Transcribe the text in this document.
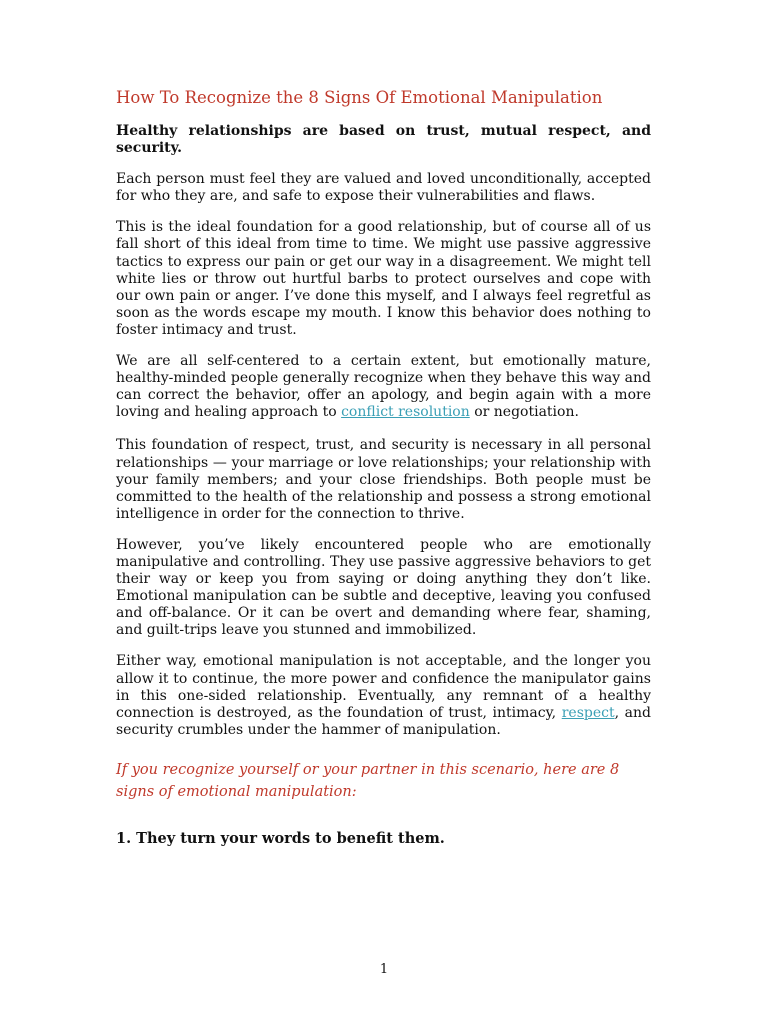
How To Recognize the 8 Signs Of Emotional Manipulation

Healthy relationships are based on trust, mutual respect, and security.

Each person must feel they are valued and loved unconditionally, accepted for who they are, and safe to expose their vulnerabilities and flaws.

This is the ideal foundation for a good relationship, but of course all of us fall short of this ideal from time to time. We might use passive aggressive tactics to express our pain or get our way in a disagreement. We might tell white lies or throw out hurtful barbs to protect ourselves and cope with our own pain or anger. I’ve done this myself, and I always feel regretful as soon as the words escape my mouth. I know this behavior does nothing to foster intimacy and trust.

We are all self-centered to a certain extent, but emotionally mature, healthy-minded people generally recognize when they behave this way and can correct the behavior, offer an apology, and begin again with a more loving and healing approach to conflict resolution or negotiation.

This foundation of respect, trust, and security is necessary in all personal relationships — your marriage or love relationships; your relationship with your family members; and your close friendships. Both people must be committed to the health of the relationship and possess a strong emotional intelligence in order for the connection to thrive.

However, you’ve likely encountered people who are emotionally manipulative and controlling. They use passive aggressive behaviors to get their way or keep you from saying or doing anything they don’t like. Emotional manipulation can be subtle and deceptive, leaving you confused and off-balance. Or it can be overt and demanding where fear, shaming, and guilt-trips leave you stunned and immobilized.

Either way, emotional manipulation is not acceptable, and the longer you allow it to continue, the more power and confidence the manipulator gains in this one-sided relationship. Eventually, any remnant of a healthy connection is destroyed, as the foundation of trust, intimacy, respect, and security crumbles under the hammer of manipulation.

If you recognize yourself or your partner in this scenario, here are 8 signs of emotional manipulation:

1. They turn your words to benefit them.

1
